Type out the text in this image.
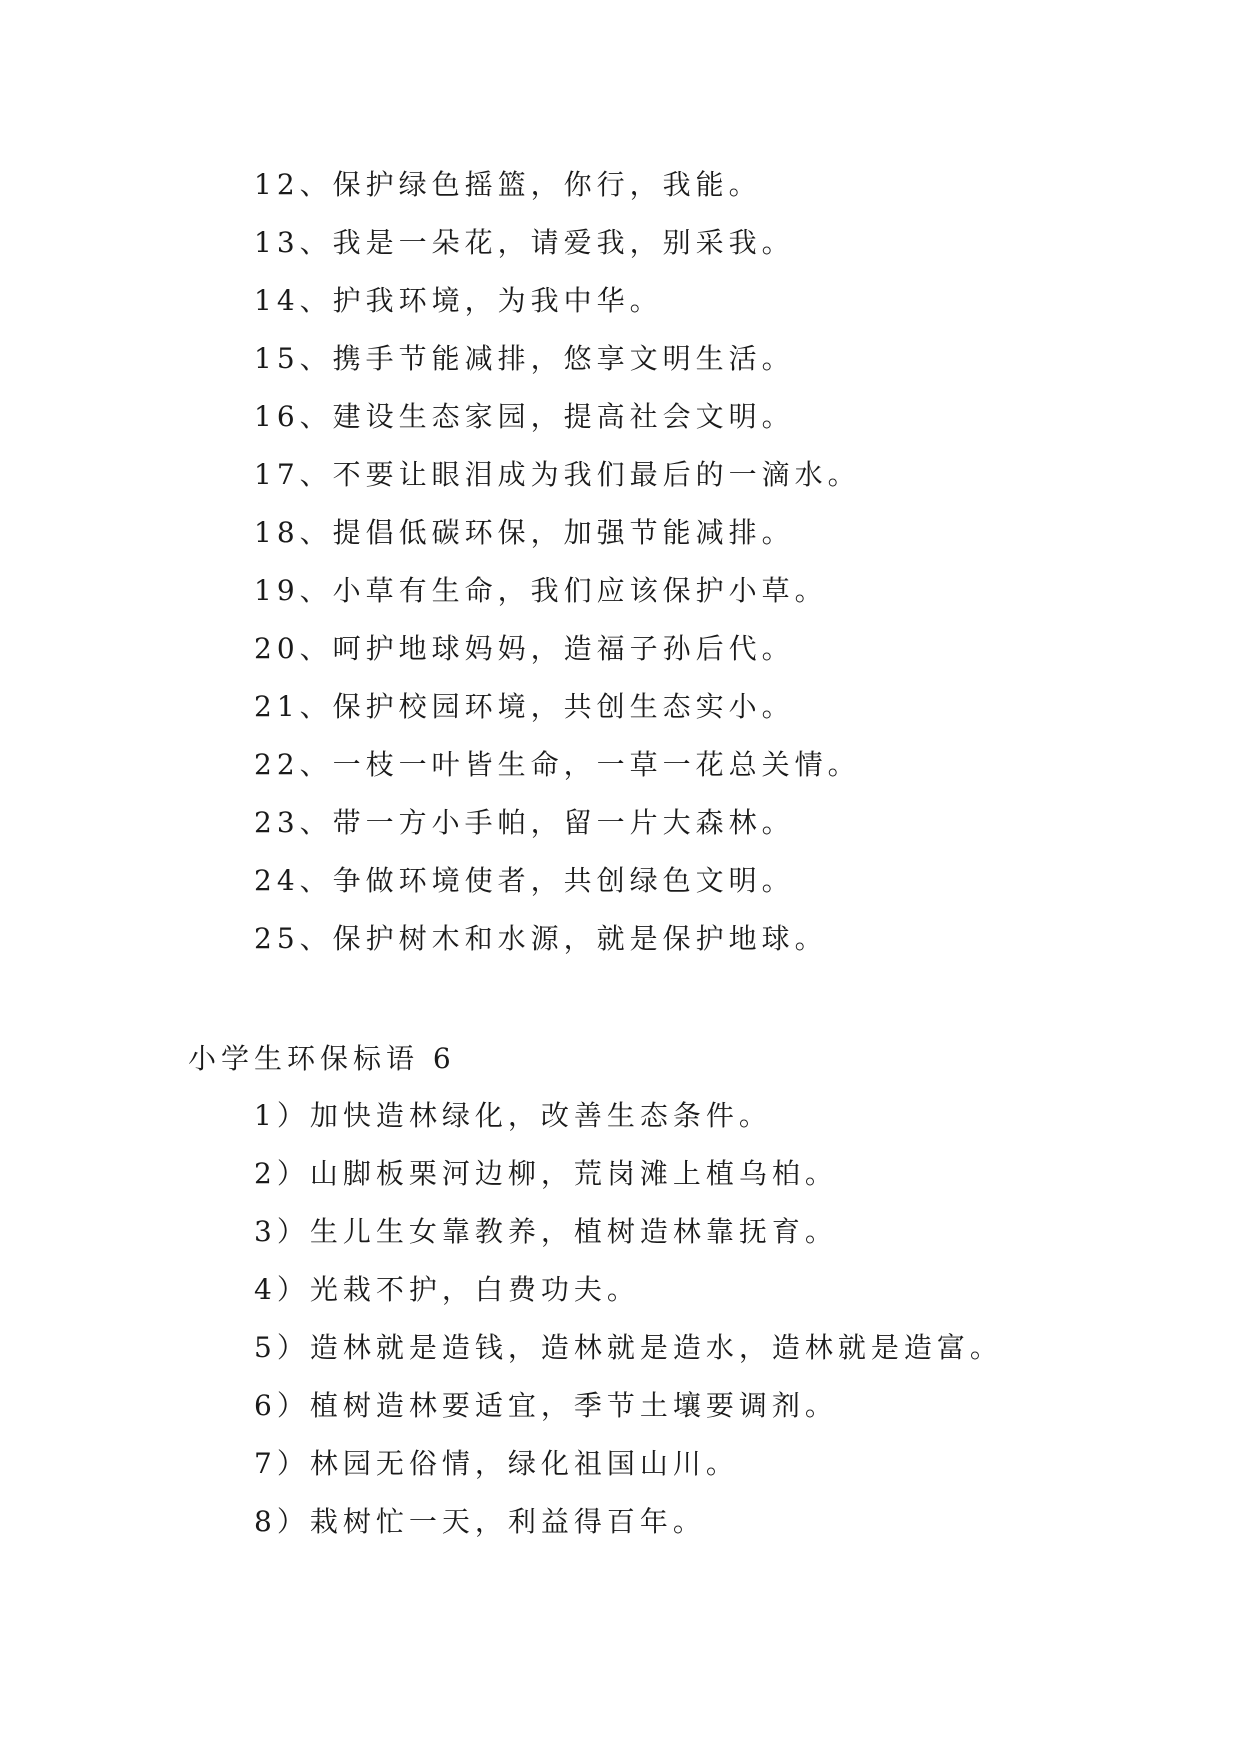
12、保护绿色摇篮，你行，我能。
13、我是一朵花，请爱我，别采我。
14、护我环境，为我中华。
15、携手节能减排，悠享文明生活。
16、建设生态家园，提高社会文明。
17、不要让眼泪成为我们最后的一滴水。
18、提倡低碳环保，加强节能减排。
19、小草有生命，我们应该保护小草。
20、呵护地球妈妈，造福子孙后代。
21、保护校园环境，共创生态实小。
22、一枝一叶皆生命，一草一花总关情。
23、带一方小手帕，留一片大森林。
24、争做环境使者，共创绿色文明。
25、保护树木和水源，就是保护地球。
小学生环保标语 6
1）加快造林绿化，改善生态条件。
2）山脚板栗河边柳，荒岗滩上植乌柏。
3）生儿生女靠教养，植树造林靠抚育。
4）光栽不护，白费功夫。
5）造林就是造钱，造林就是造水，造林就是造富。
6）植树造林要适宜，季节土壤要调剂。
7）林园无俗情，绿化祖国山川。
8）栽树忙一天，利益得百年。
